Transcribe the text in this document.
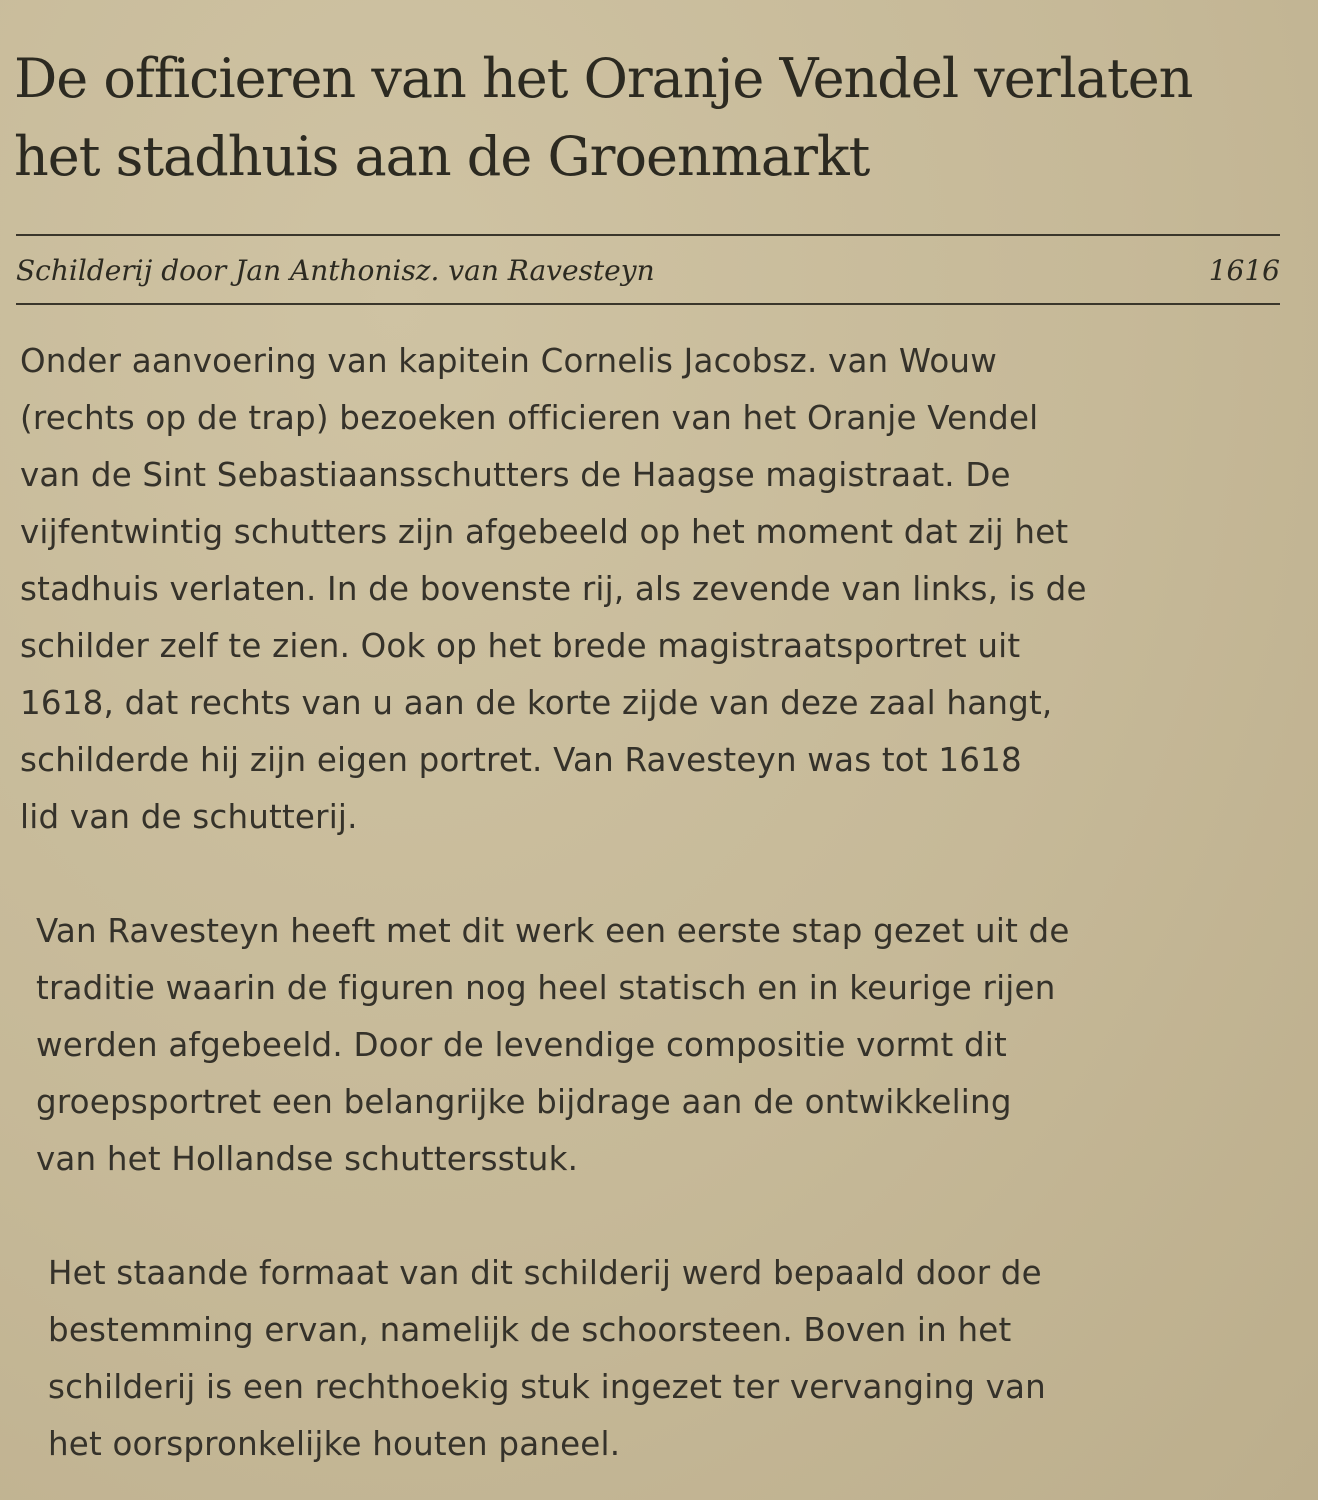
De officieren van het Oranje Vendel verlaten
het stadhuis aan de Groenmarkt
Schilderij door Jan Anthonisz. van Ravesteyn	1616

Onder aanvoering van kapitein Cornelis Jacobsz. van Wouw
(rechts op de trap) bezoeken officieren van het Oranje Vendel
van de Sint Sebastiaansschutters de Haagse magistraat. De
vijfentwintig schutters zijn afgebeeld op het moment dat zij het
stadhuis verlaten. In de bovenste rij, als zevende van links, is de
schilder zelf te zien. Ook op het brede magistraatsportret uit
1618, dat rechts van u aan de korte zijde van deze zaal hangt,
schilderde hij zijn eigen portret. Van Ravesteyn was tot 1618
lid van de schutterij.

Van Ravesteyn heeft met dit werk een eerste stap gezet uit de
traditie waarin de figuren nog heel statisch en in keurige rijen
werden afgebeeld. Door de levendige compositie vormt dit
groepsportret een belangrijke bijdrage aan de ontwikkeling
van het Hollandse schuttersstuk.

Het staande formaat van dit schilderij werd bepaald door de
bestemming ervan, namelijk de schoorsteen. Boven in het
schilderij is een rechthoekig stuk ingezet ter vervanging van
het oorspronkelijke houten paneel.
